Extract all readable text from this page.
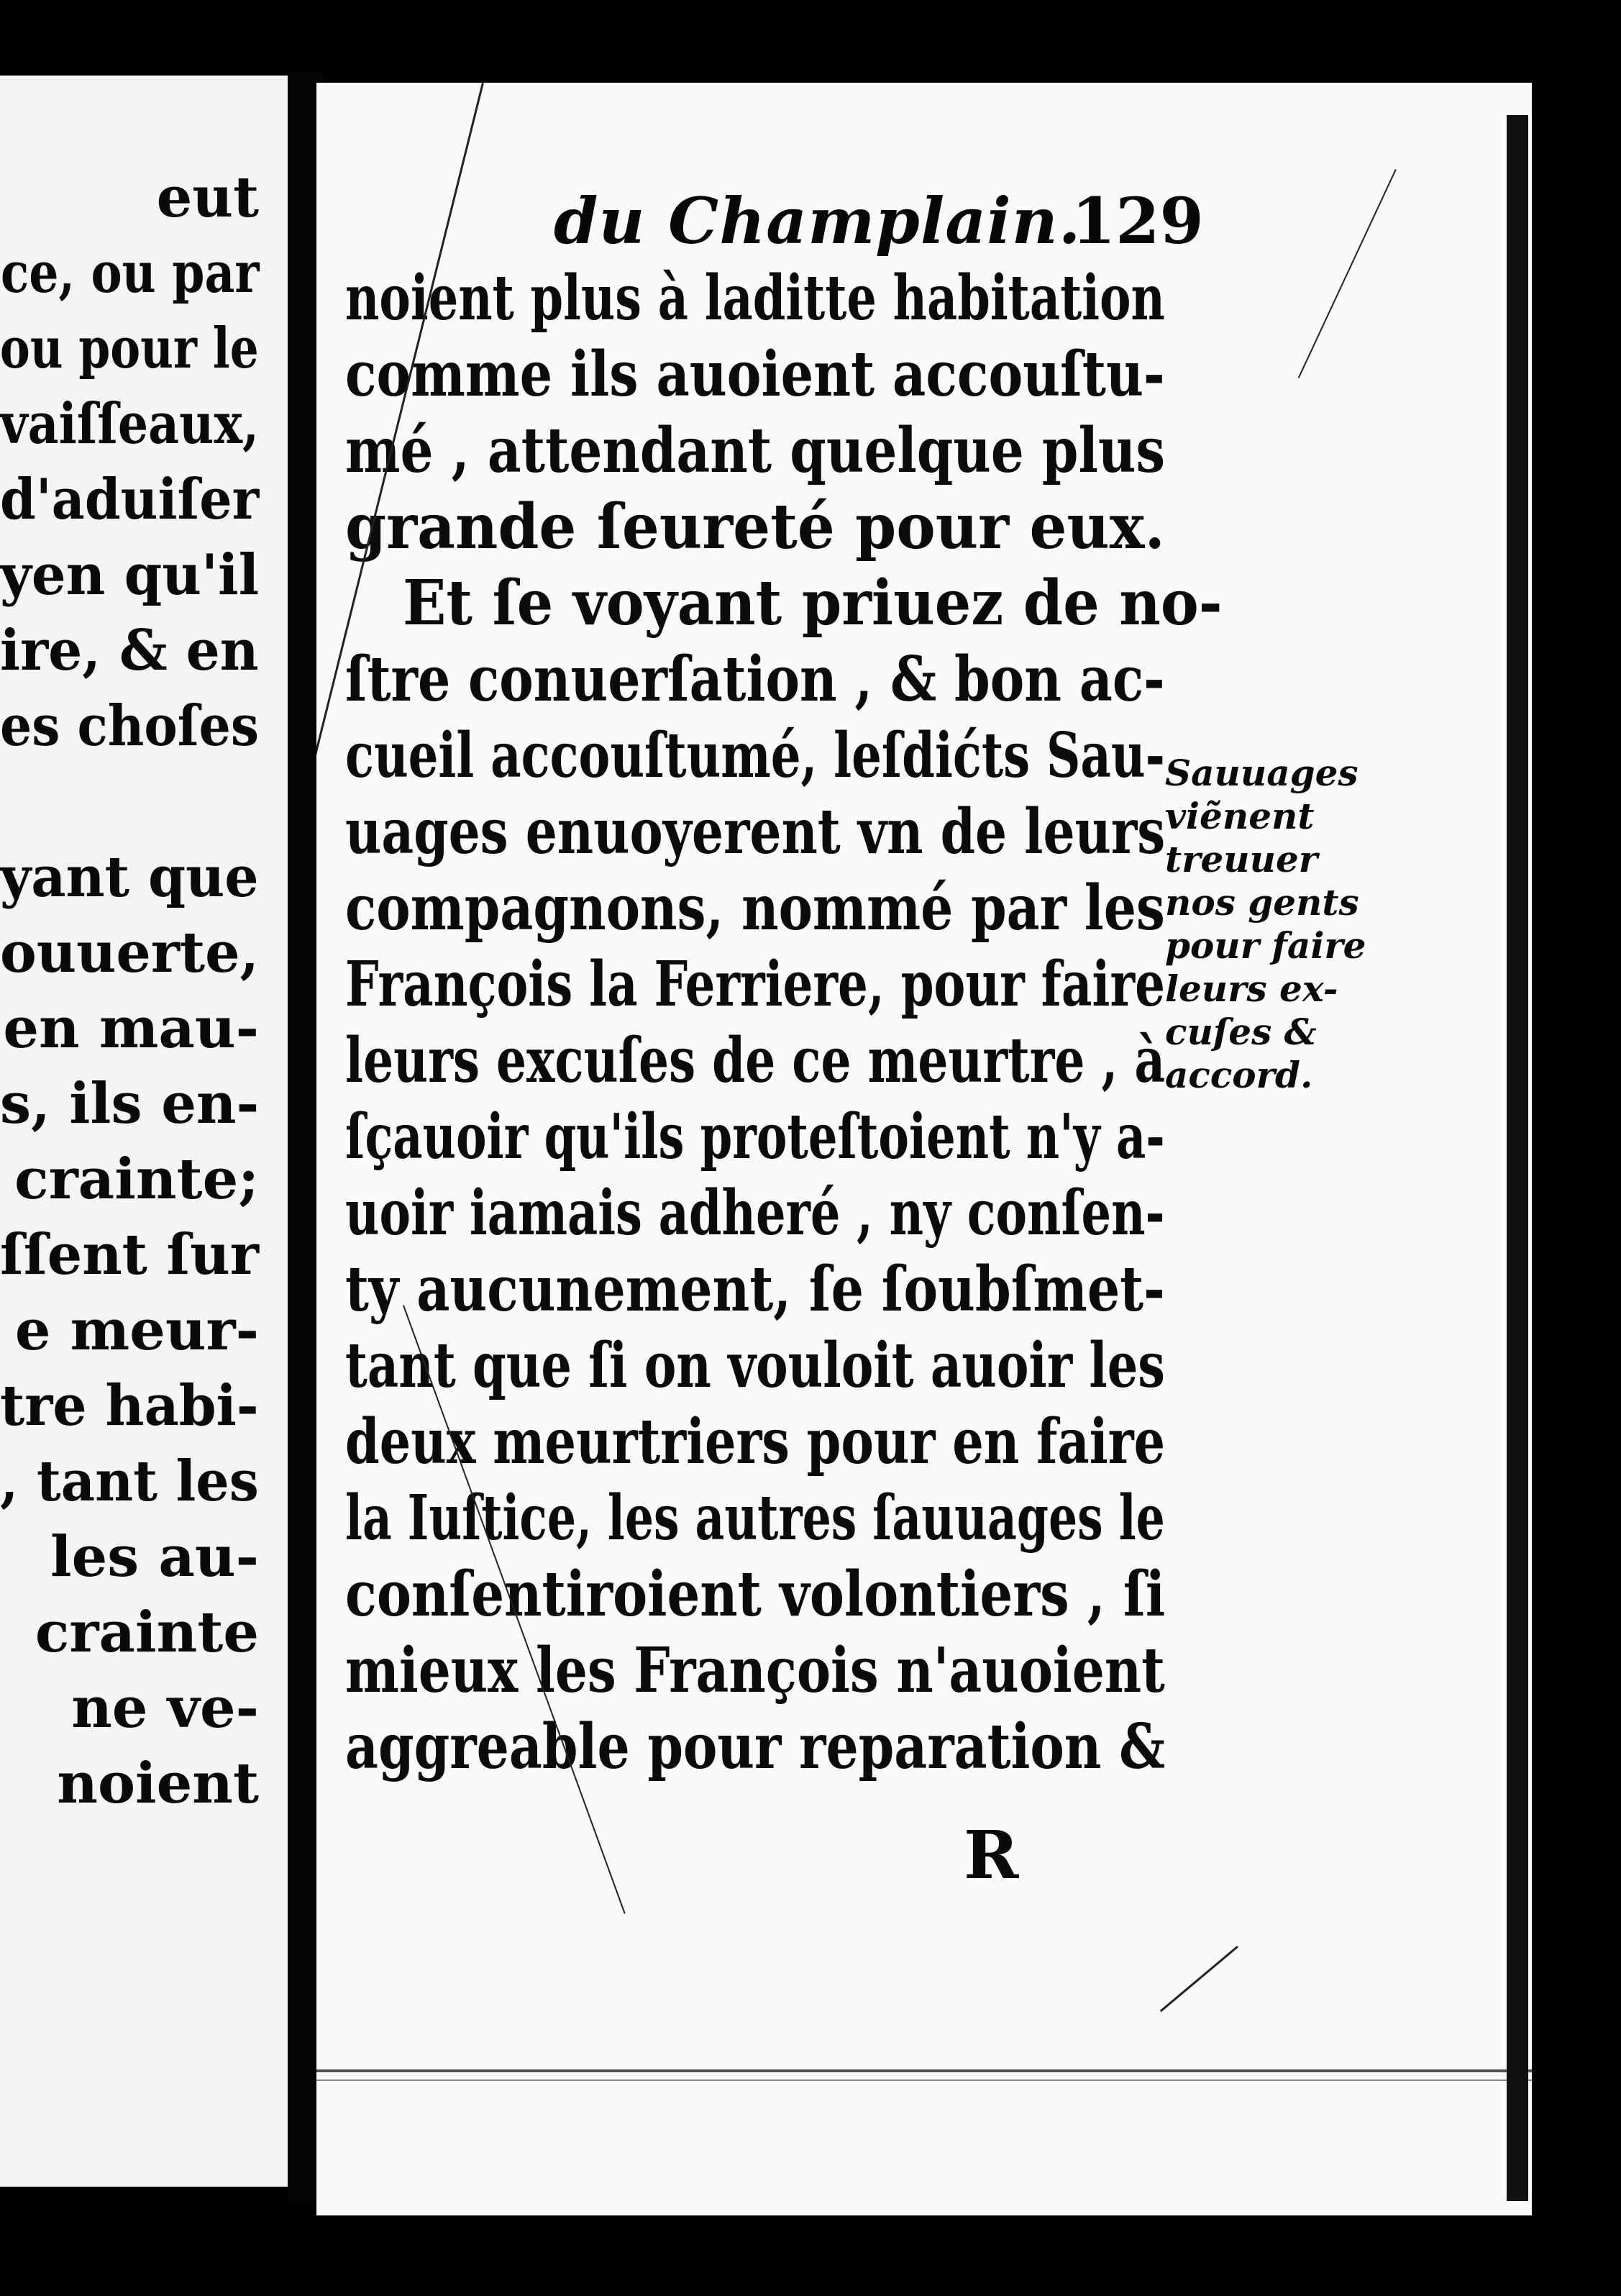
eut
ce, ou par
ou pour le
vaiſſeaux,
d'aduiſer
yen qu'il
ire, & en
es choſes
yant que
ouuerte,
en mau-
s, ils en-
crainte;
ſſent ſur
e meur-
tre habi-
, tant les
les au-
crainte
ne ve-
noient
du Champlain.
129
noient plus à laditte habitation
comme ils auoient accouſtu-
mé , attendant quelque plus
grande ſeureté pour eux.
Et ſe voyant priuez de no-
ſtre conuerſation , & bon ac-
cueil accouſtumé, leſdićts Sau-
uages enuoyerent vn de leurs
compagnons, nommé par les
François la Ferriere, pour faire
leurs excuſes de ce meurtre , à
ſçauoir qu'ils proteſtoient n'y a-
uoir iamais adheré , ny conſen-
ty aucunement, ſe ſoubſmet-
tant que ſi on vouloit auoir les
deux meurtriers pour en faire
la Iuſtice, les autres ſauuages le
conſentiroient volontiers , ſi
mieux les François n'auoient
aggreable pour reparation &
Sauuages
viẽnent
treuuer
nos gents
pour faire
leurs ex-
cuſes &
accord.
R
